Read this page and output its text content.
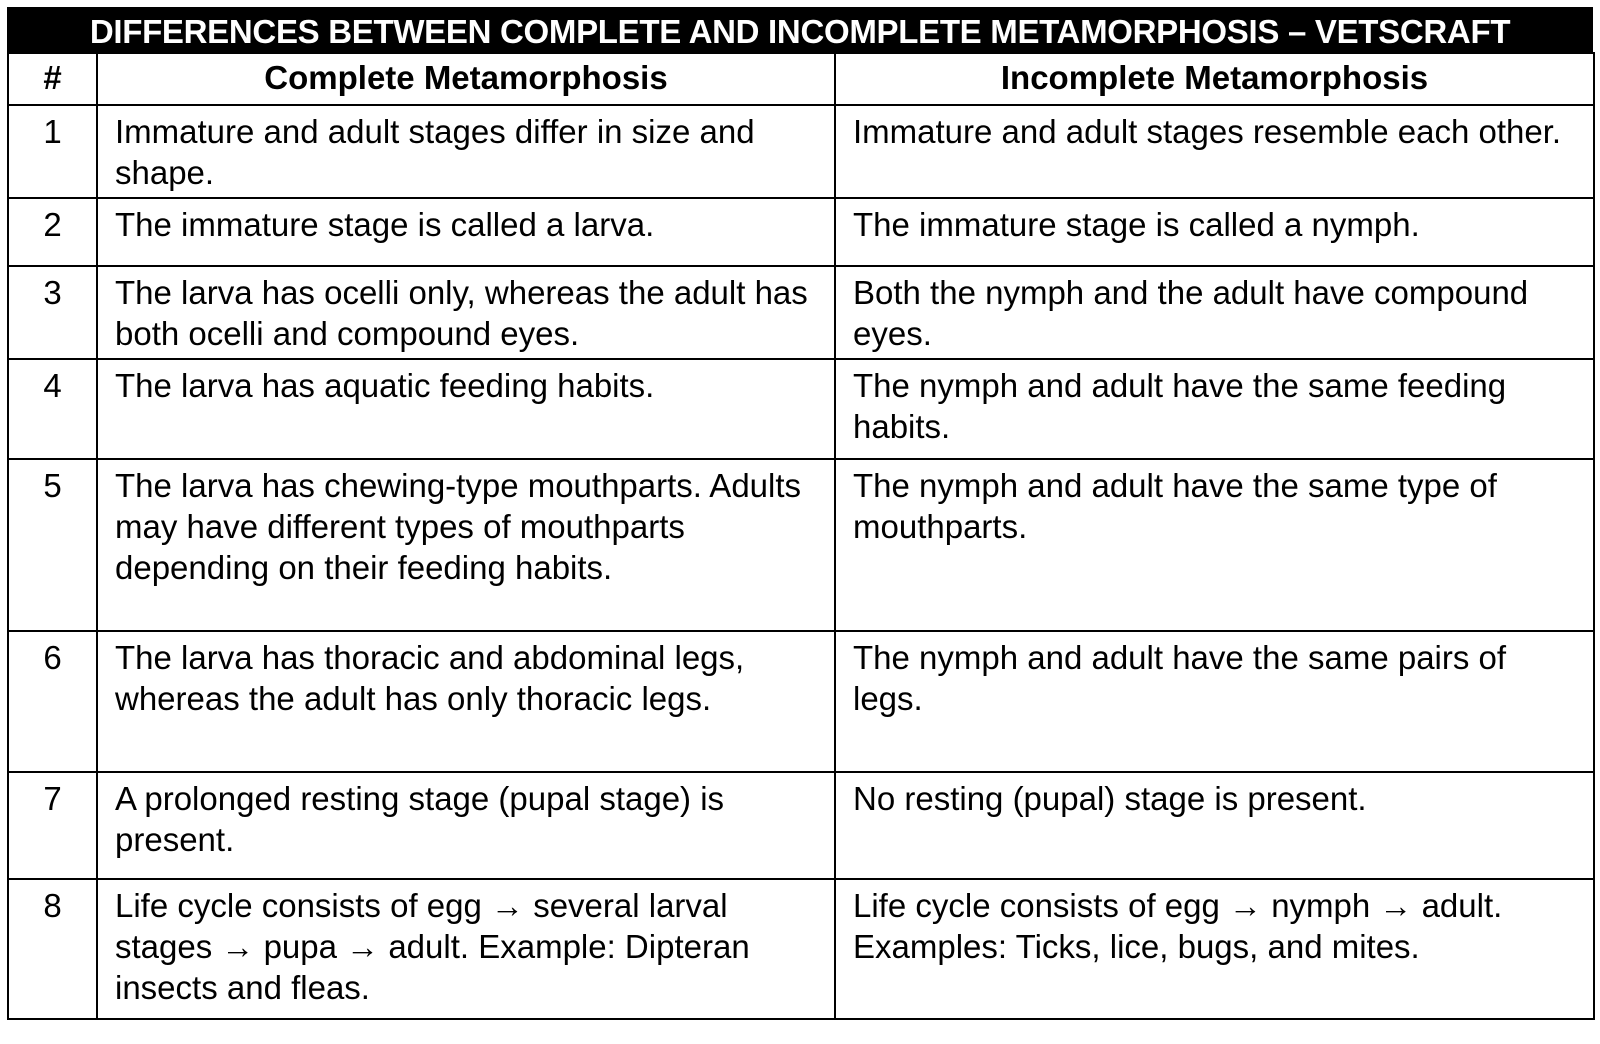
DIFFERENCES BETWEEN COMPLETE AND INCOMPLETE METAMORPHOSIS – VETSCRAFT
#	Complete Metamorphosis	Incomplete Metamorphosis
1	Immature and adult stages differ in size and shape.	Immature and adult stages resemble each other.
2	The immature stage is called a larva.	The immature stage is called a nymph.
3	The larva has ocelli only, whereas the adult has both ocelli and compound eyes.	Both the nymph and the adult have compound eyes.
4	The larva has aquatic feeding habits.	The nymph and adult have the same feeding habits.
5	The larva has chewing-type mouthparts. Adults may have different types of mouthparts depending on their feeding habits.	The nymph and adult have the same type of mouthparts.
6	The larva has thoracic and abdominal legs, whereas the adult has only thoracic legs.	The nymph and adult have the same pairs of legs.
7	A prolonged resting stage (pupal stage) is present.	No resting (pupal) stage is present.
8	Life cycle consists of egg → several larval stages → pupa → adult. Example: Dipteran insects and fleas.	Life cycle consists of egg → nymph → adult. Examples: Ticks, lice, bugs, and mites.
